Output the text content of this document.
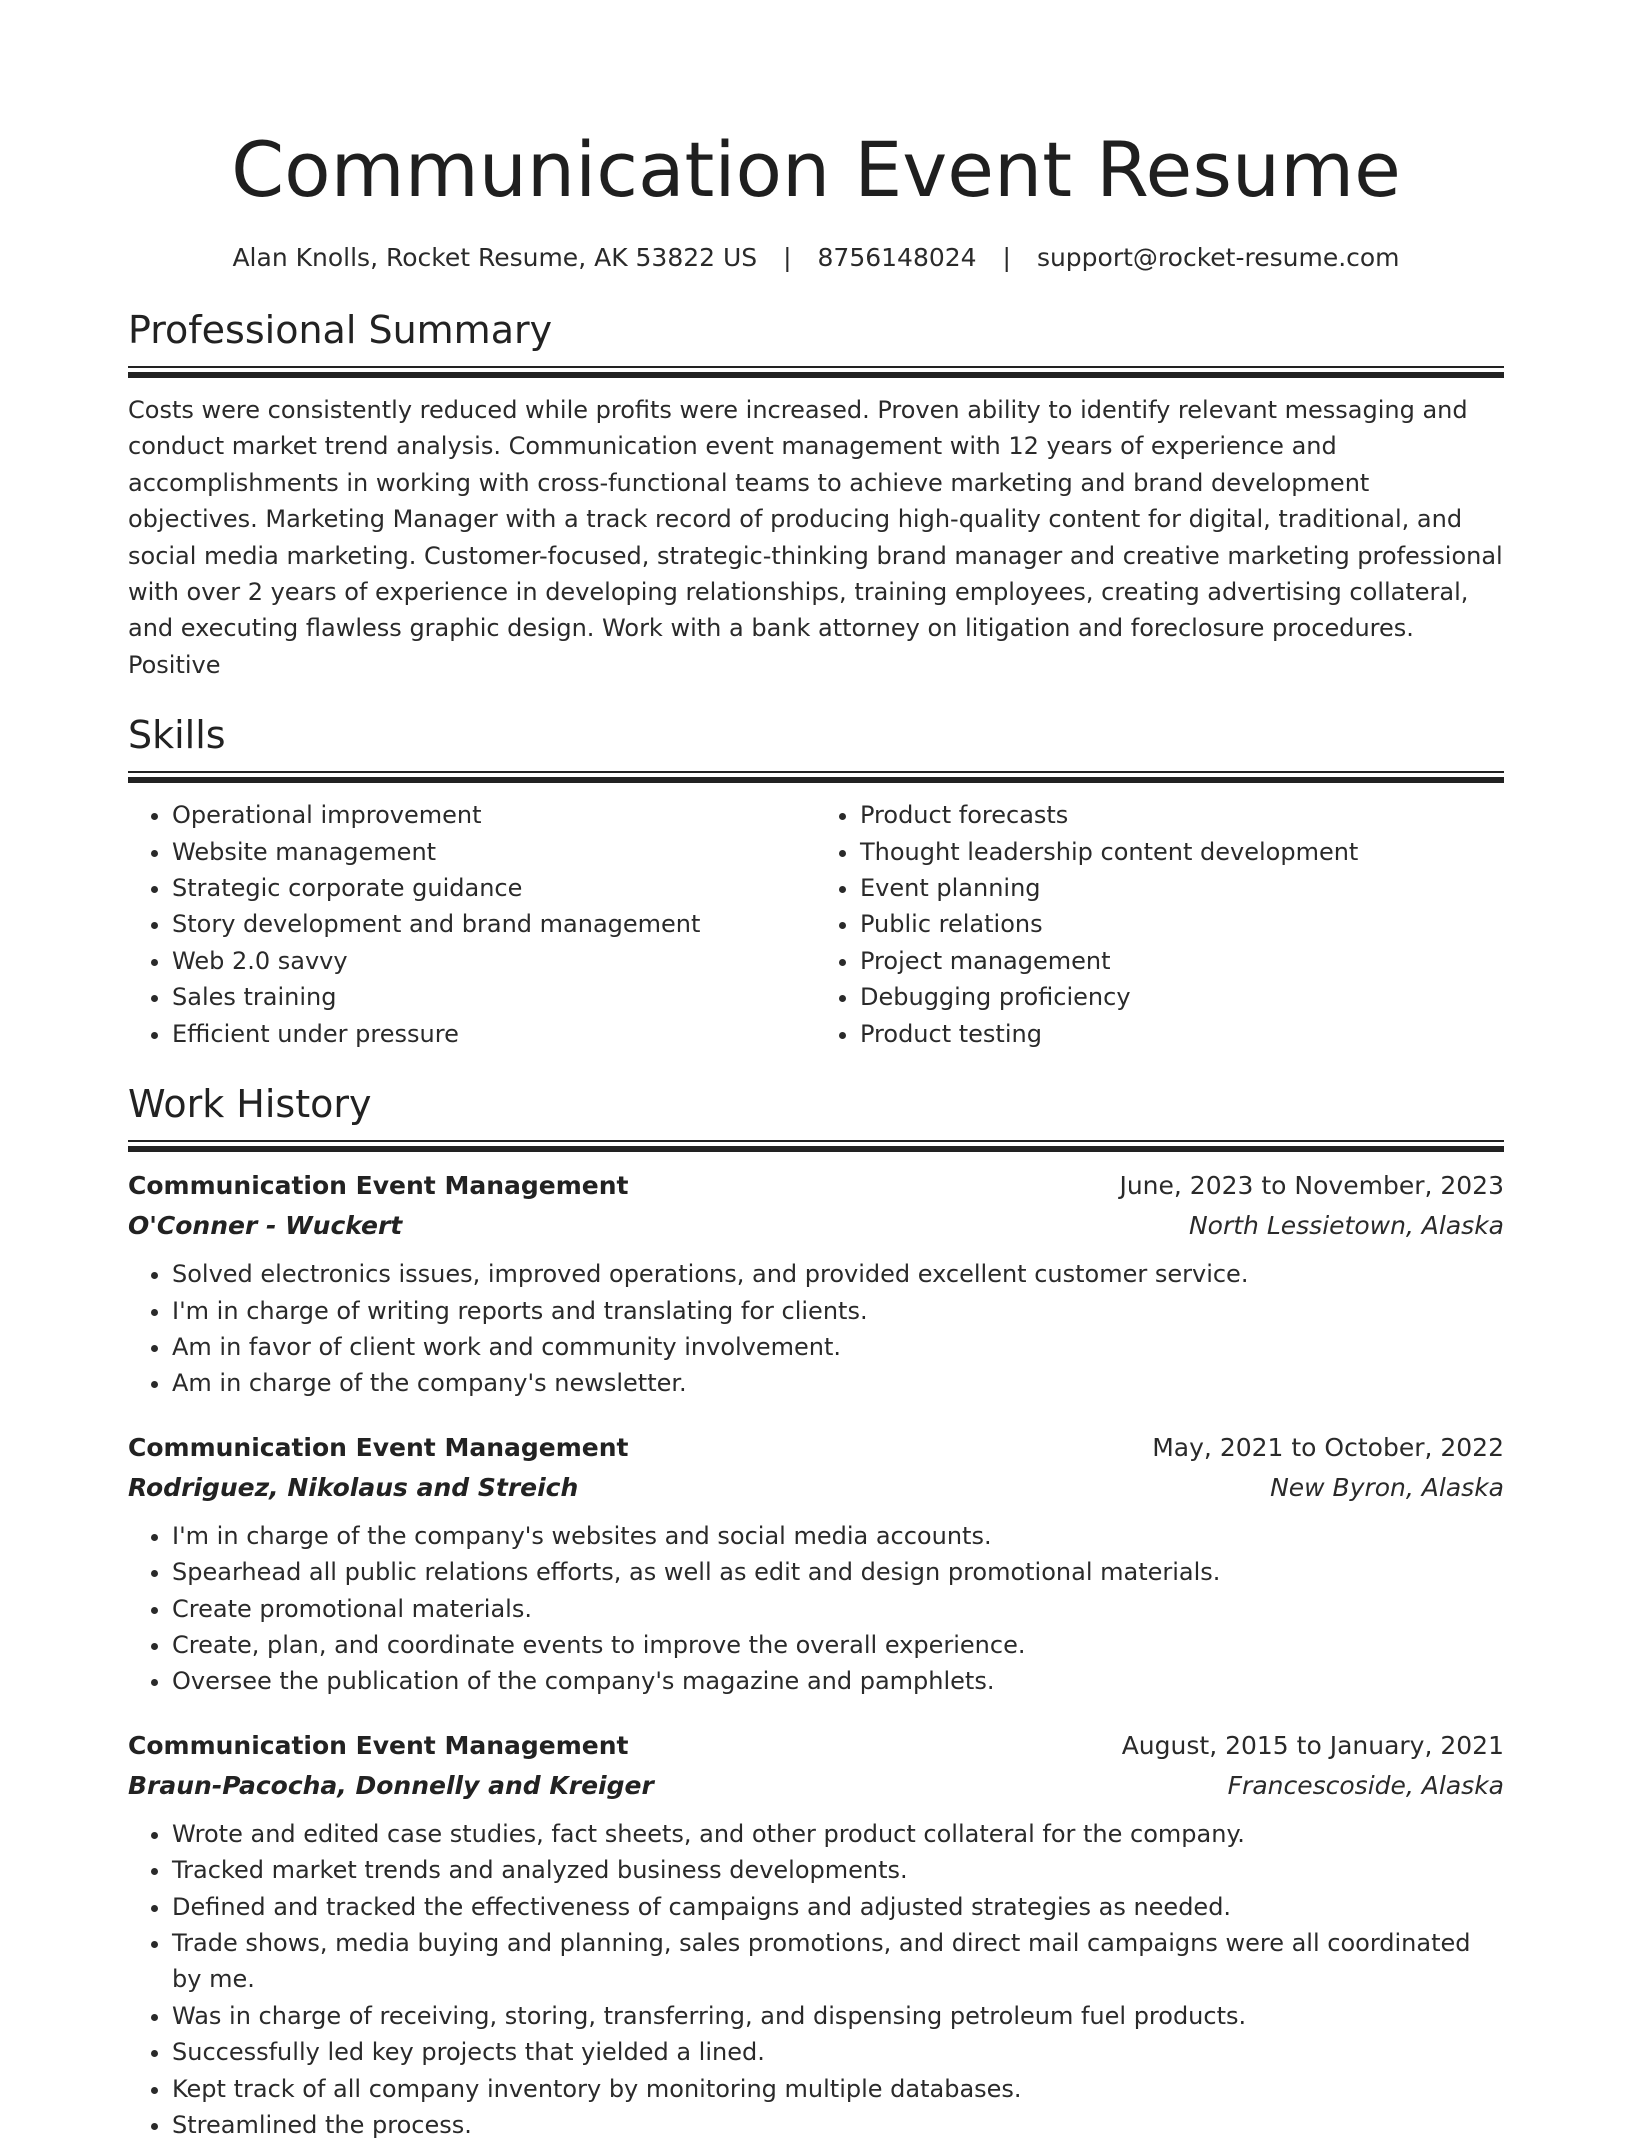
Communication Event Resume
Alan Knolls, Rocket Resume, AK 53822 US | 8756148024 | support@rocket-resume.com
Professional Summary

Costs were consistently reduced while profits were increased. Proven ability to identify relevant messaging and conduct market trend analysis. Communication event management with 12 years of experience and accomplishments in working with cross-functional teams to achieve marketing and brand development objectives. Marketing Manager with a track record of producing high-quality content for digital, traditional, and social media marketing. Customer-focused, strategic-thinking brand manager and creative marketing professional with over 2 years of experience in developing relationships, training employees, creating advertising collateral, and executing flawless graphic design. Work with a bank attorney on litigation and foreclosure procedures. Positive

Skills
• Operational improvement
• Website management
• Strategic corporate guidance
• Story development and brand management
• Web 2.0 savvy
• Sales training
• Efficient under pressure
• Product forecasts
• Thought leadership content development
• Event planning
• Public relations
• Project management
• Debugging proficiency
• Product testing
Work History
Communication Event Management	June, 2023 to November, 2023
O'Conner - Wuckert	North Lessietown, Alaska
• Solved electronics issues, improved operations, and provided excellent customer service.
• I'm in charge of writing reports and translating for clients.
• Am in favor of client work and community involvement.
• Am in charge of the company's newsletter.
Communication Event Management	May, 2021 to October, 2022
Rodriguez, Nikolaus and Streich	New Byron, Alaska
• I'm in charge of the company's websites and social media accounts.
• Spearhead all public relations efforts, as well as edit and design promotional materials.
• Create promotional materials.
• Create, plan, and coordinate events to improve the overall experience.
• Oversee the publication of the company's magazine and pamphlets.
Communication Event Management	August, 2015 to January, 2021
Braun-Pacocha, Donnelly and Kreiger	Francescoside, Alaska
• Wrote and edited case studies, fact sheets, and other product collateral for the company.
• Tracked market trends and analyzed business developments.
• Defined and tracked the effectiveness of campaigns and adjusted strategies as needed.
• Trade shows, media buying and planning, sales promotions, and direct mail campaigns were all coordinated by me.
• Was in charge of receiving, storing, transferring, and dispensing petroleum fuel products.
• Successfully led key projects that yielded a lined.
• Kept track of all company inventory by monitoring multiple databases.
• Streamlined the process.
